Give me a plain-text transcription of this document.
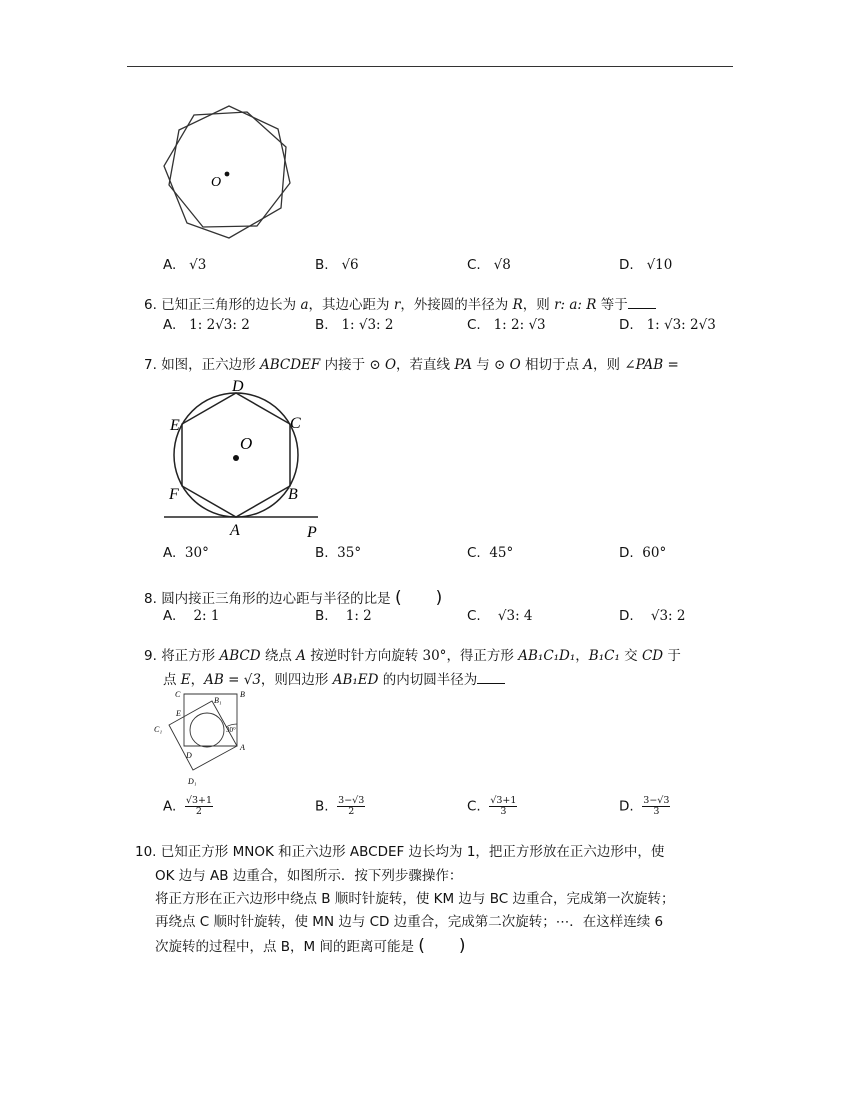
O
A. √3	B. √6	C. √8	D. √10
6. 已知正三角形的边长为 a，其边心距为 r，外接圆的半径为 R，则 r: a: R 等于
A. 1: 2√3: 2	B. 1: √3: 2	C. 1: 2: √3	D. 1: √3: 2√3
7. 如图，正六边形 ABCDEF 内接于 ⊙ O，若直线 PA 与 ⊙ O 相切于点 A，则 ∠PAB =
D
E	C
O
F	B
A	P
A. 30°	B. 35°	C. 45°	D. 60°
8. 圆内接正三角形的边心距与半径的比是 (　　)
A. 2: 1	B. 1: 2	C. √3: 4	D. √3: 2
9. 将正方形 ABCD 绕点 A 按逆时针方向旋转 30°，得正方形 AB₁C₁D₁，B₁C₁ 交 CD 于
点 E，AB = √3，则四边形 AB₁ED 的内切圆半径为
C	B
E
B₁
C₁
D
A
D₁
30°
A. $\frac{√3+1}{2}$	B. $\frac{3-√3}{2}$	C. $\frac{√3+1}{3}$	D. $\frac{3-√3}{3}$
10. 已知正方形 MNOK 和正六边形 ABCDEF 边长均为 1，把正方形放在正六边形中，使
OK 边与 AB 边重合，如图所示．按下列步骤操作：
将正方形在正六边形中绕点 B 顺时针旋转，使 KM 边与 BC 边重合，完成第一次旋转；
再绕点 C 顺时针旋转，使 MN 边与 CD 边重合，完成第二次旋转；⋯．在这样连续 6
次旋转的过程中，点 B，M 间的距离可能是 (　　)
